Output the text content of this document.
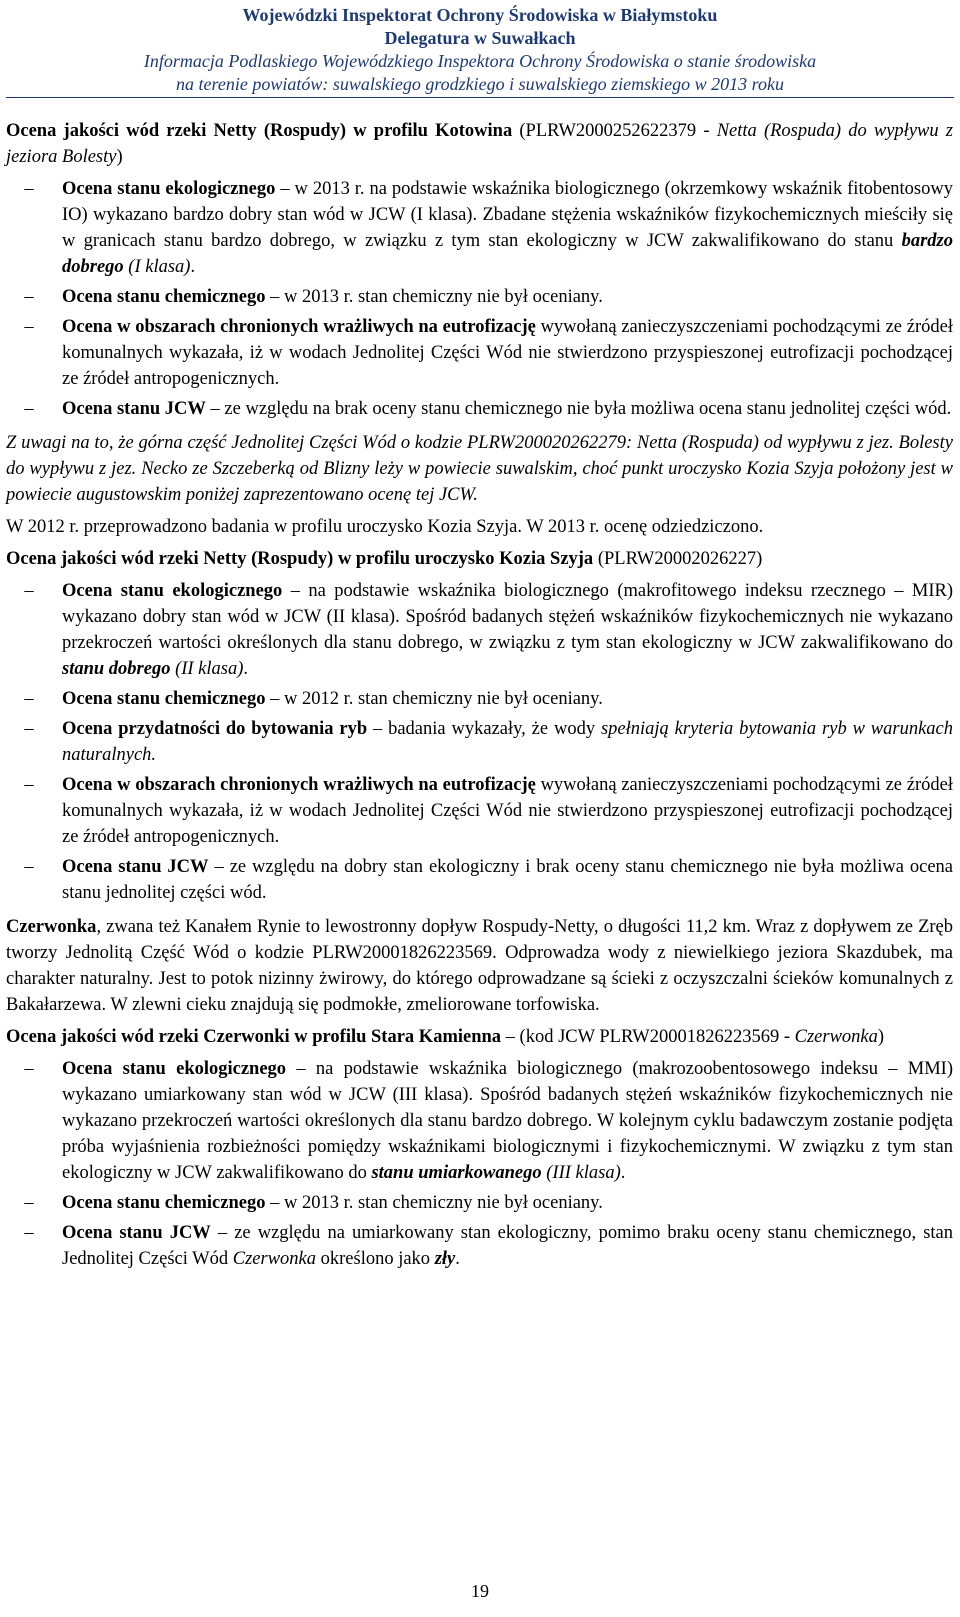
Wojewódzki Inspektorat Ochrony Środowiska w Białymstoku
Delegatura w Suwałkach
Informacja Podlaskiego Wojewódzkiego Inspektora Ochrony Środowiska o stanie środowiska
na terenie powiatów: suwalskiego grodzkiego i suwalskiego ziemskiego w 2013 roku

Ocena jakości wód rzeki Netty (Rospudy) w profilu Kotowina (PLRW2000252622379 - Netta (Rospuda) do wypływu z jeziora Bolesty)

–	Ocena stanu ekologicznego – w 2013 r. na podstawie wskaźnika biologicznego (okrzemkowy wskaźnik fitobentosowy IO) wykazano bardzo dobry stan wód w JCW (I klasa). Zbadane stężenia wskaźników fizykochemicznych mieściły się w granicach stanu bardzo dobrego, w związku z tym stan ekologiczny w JCW zakwalifikowano do stanu bardzo dobrego (I klasa).
–	Ocena stanu chemicznego – w 2013 r. stan chemiczny nie był oceniany.
–	Ocena w obszarach chronionych wrażliwych na eutrofizację wywołaną zanieczyszczeniami pochodzącymi ze źródeł komunalnych wykazała, iż w wodach Jednolitej Części Wód nie stwierdzono przyspieszonej eutrofizacji pochodzącej ze źródeł antropogenicznych.
–	Ocena stanu JCW – ze względu na brak oceny stanu chemicznego nie była możliwa ocena stanu jednolitej części wód.

Z uwagi na to, że górna część Jednolitej Części Wód o kodzie PLRW200020262279: Netta (Rospuda) od wypływu z jez. Bolesty do wypływu z jez. Necko ze Szczeberką od Blizny leży w powiecie suwalskim, choć punkt uroczysko Kozia Szyja położony jest w powiecie augustowskim poniżej zaprezentowano ocenę tej JCW.

W 2012 r. przeprowadzono badania w profilu uroczysko Kozia Szyja. W 2013 r. ocenę odziedziczono.

Ocena jakości wód rzeki Netty (Rospudy) w profilu uroczysko Kozia Szyja (PLRW20002026227)

–	Ocena stanu ekologicznego – na podstawie wskaźnika biologicznego (makrofitowego indeksu rzecznego – MIR) wykazano dobry stan wód w JCW (II klasa). Spośród badanych stężeń wskaźników fizykochemicznych nie wykazano przekroczeń wartości określonych dla stanu dobrego, w związku z tym stan ekologiczny w JCW zakwalifikowano do stanu dobrego (II klasa).
–	Ocena stanu chemicznego – w 2012 r. stan chemiczny nie był oceniany.
–	Ocena przydatności do bytowania ryb – badania wykazały, że wody spełniają kryteria bytowania ryb w warunkach naturalnych.
–	Ocena w obszarach chronionych wrażliwych na eutrofizację wywołaną zanieczyszczeniami pochodzącymi ze źródeł komunalnych wykazała, iż w wodach Jednolitej Części Wód nie stwierdzono przyspieszonej eutrofizacji pochodzącej ze źródeł antropogenicznych.
–	Ocena stanu JCW – ze względu na dobry stan ekologiczny i brak oceny stanu chemicznego nie była możliwa ocena stanu jednolitej części wód.

Czerwonka, zwana też Kanałem Rynie to lewostronny dopływ Rospudy-Netty, o długości 11,2 km. Wraz z dopływem ze Zręb tworzy Jednolitą Część Wód o kodzie PLRW20001826223569. Odprowadza wody z niewielkiego jeziora Skazdubek, ma charakter naturalny. Jest to potok nizinny żwirowy, do którego odprowadzane są ścieki z oczyszczalni ścieków komunalnych z Bakałarzewa. W zlewni cieku znajdują się podmokłe, zmeliorowane torfowiska.

Ocena jakości wód rzeki Czerwonki w profilu Stara Kamienna – (kod JCW PLRW20001826223569 - Czerwonka)

–	Ocena stanu ekologicznego – na podstawie wskaźnika biologicznego (makrozoobentosowego indeksu – MMI) wykazano umiarkowany stan wód w JCW (III klasa). Spośród badanych stężeń wskaźników fizykochemicznych nie wykazano przekroczeń wartości określonych dla stanu bardzo dobrego. W kolejnym cyklu badawczym zostanie podjęta próba wyjaśnienia rozbieżności pomiędzy wskaźnikami biologicznymi i fizykochemicznymi. W związku z tym stan ekologiczny w JCW zakwalifikowano do stanu umiarkowanego (III klasa).
–	Ocena stanu chemicznego – w 2013 r. stan chemiczny nie był oceniany.
–	Ocena stanu JCW – ze względu na umiarkowany stan ekologiczny, pomimo braku oceny stanu chemicznego, stan Jednolitej Części Wód Czerwonka określono jako zły.
19
